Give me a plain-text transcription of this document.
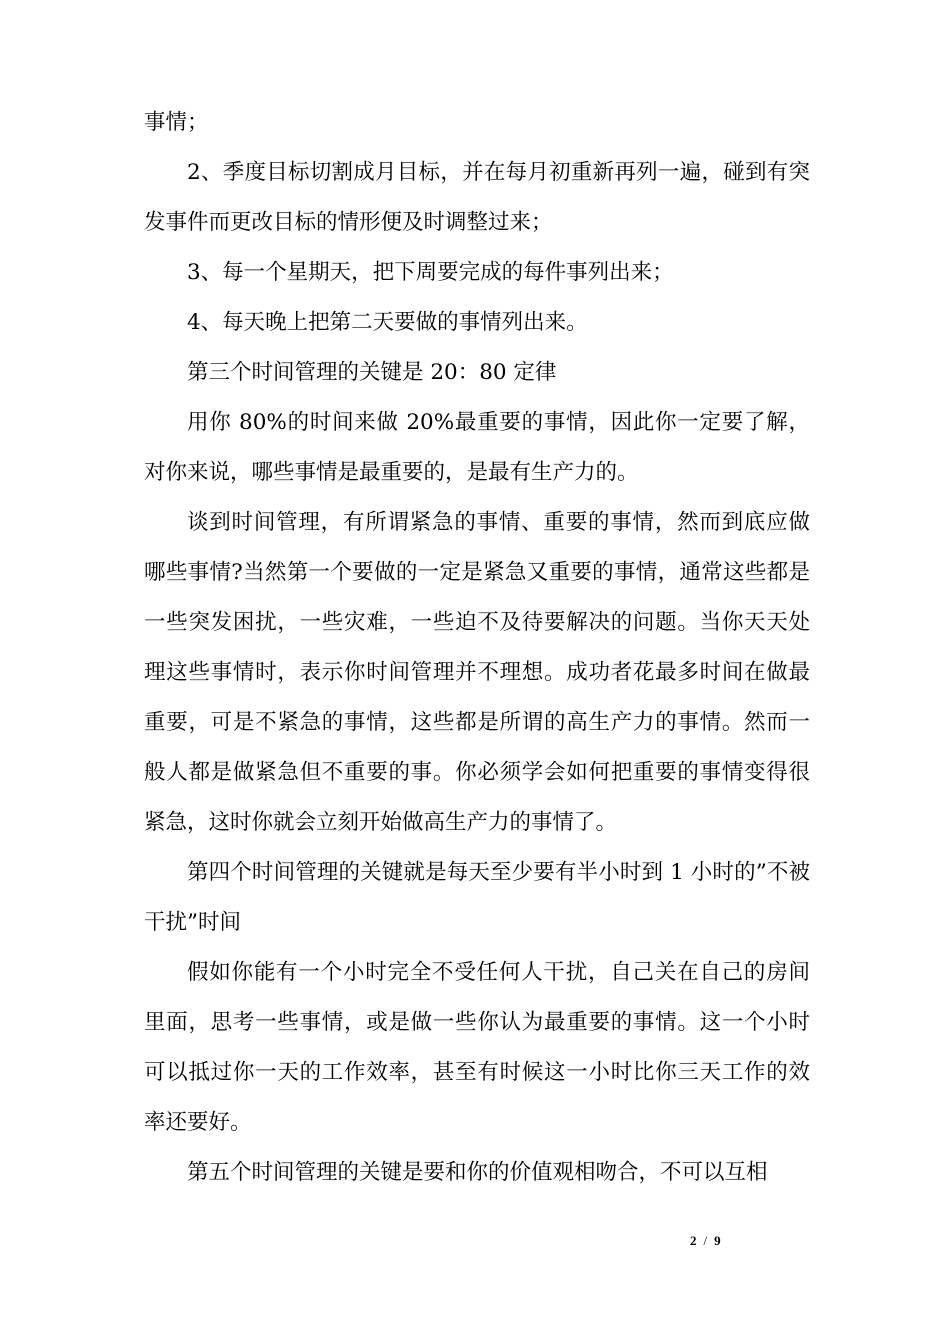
事情；

2、季度目标切割成月目标，并在每月初重新再列一遍，碰到有突发事件而更改目标的情形便及时调整过来；

3、每一个星期天，把下周要完成的每件事列出来；

4、每天晚上把第二天要做的事情列出来。

第三个时间管理的关键是 20：80 定律

用你 80%的时间来做 20%最重要的事情，因此你一定要了解，对你来说，哪些事情是最重要的，是最有生产力的。

谈到时间管理，有所谓紧急的事情、重要的事情，然而到底应做哪些事情?当然第一个要做的一定是紧急又重要的事情，通常这些都是一些突发困扰，一些灾难，一些迫不及待要解决的问题。当你天天处理这些事情时，表示你时间管理并不理想。成功者花最多时间在做最重要，可是不紧急的事情，这些都是所谓的高生产力的事情。然而一般人都是做紧急但不重要的事。你必须学会如何把重要的事情变得很紧急，这时你就会立刻开始做高生产力的事情了。

第四个时间管理的关键就是每天至少要有半小时到 1 小时的”不被干扰”时间

假如你能有一个小时完全不受任何人干扰，自己关在自己的房间里面，思考一些事情，或是做一些你认为最重要的事情。这一个小时可以抵过你一天的工作效率，甚至有时候这一小时比你三天工作的效率还要好。

第五个时间管理的关键是要和你的价值观相吻合，不可以互相

2 / 9
